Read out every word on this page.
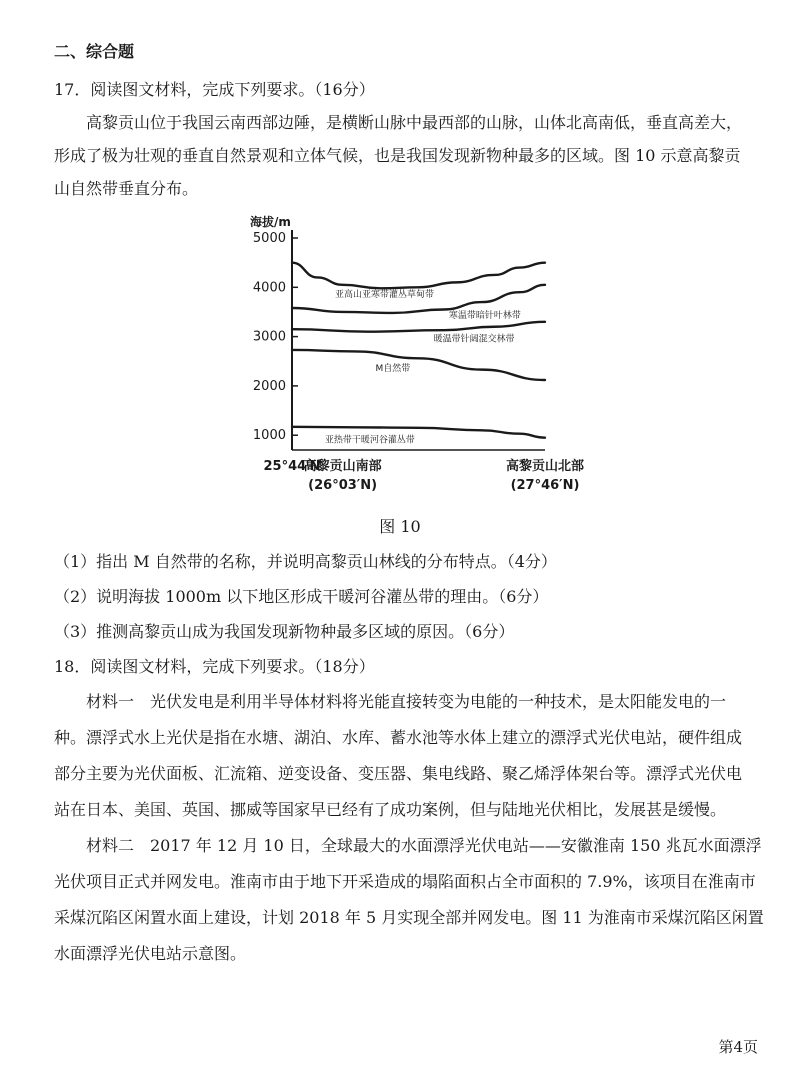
二、综合题
17．阅读图文材料，完成下列要求。（16分）
高黎贡山位于我国云南西部边陲，是横断山脉中最西部的山脉，山体北高南低，垂直高差大，
形成了极为壮观的垂直自然景观和立体气候，也是我国发现新物种最多的区域。图 10 示意高黎贡
山自然带垂直分布。
海拔/m
1000
2000
3000
4000
5000
亚高山亚寒带灌丛草甸带
寒温带暗针叶林带
暖温带针阔混交林带
M自然带
亚热带干暖河谷灌丛带
25°44′N
高黎贡山南部
(26°03′N)
高黎贡山北部
(27°46′N)
图 10
（1）指出 M 自然带的名称，并说明高黎贡山林线的分布特点。（4分）
（2）说明海拔 1000m 以下地区形成干暖河谷灌丛带的理由。（6分）
（3）推测高黎贡山成为我国发现新物种最多区域的原因。（6分）
18．阅读图文材料，完成下列要求。（18分）
材料一　光伏发电是利用半导体材料将光能直接转变为电能的一种技术，是太阳能发电的一
种。漂浮式水上光伏是指在水塘、湖泊、水库、蓄水池等水体上建立的漂浮式光伏电站，硬件组成
部分主要为光伏面板、汇流箱、逆变设备、变压器、集电线路、聚乙烯浮体架台等。漂浮式光伏电
站在日本、美国、英国、挪威等国家早已经有了成功案例，但与陆地光伏相比，发展甚是缓慢。
材料二　2017 年 12 月 10 日，全球最大的水面漂浮光伏电站——安徽淮南 150 兆瓦水面漂浮
光伏项目正式并网发电。淮南市由于地下开采造成的塌陷面积占全市面积的 7.9%，该项目在淮南市
采煤沉陷区闲置水面上建设，计划 2018 年 5 月实现全部并网发电。图 11 为淮南市采煤沉陷区闲置
水面漂浮光伏电站示意图。
第4页
